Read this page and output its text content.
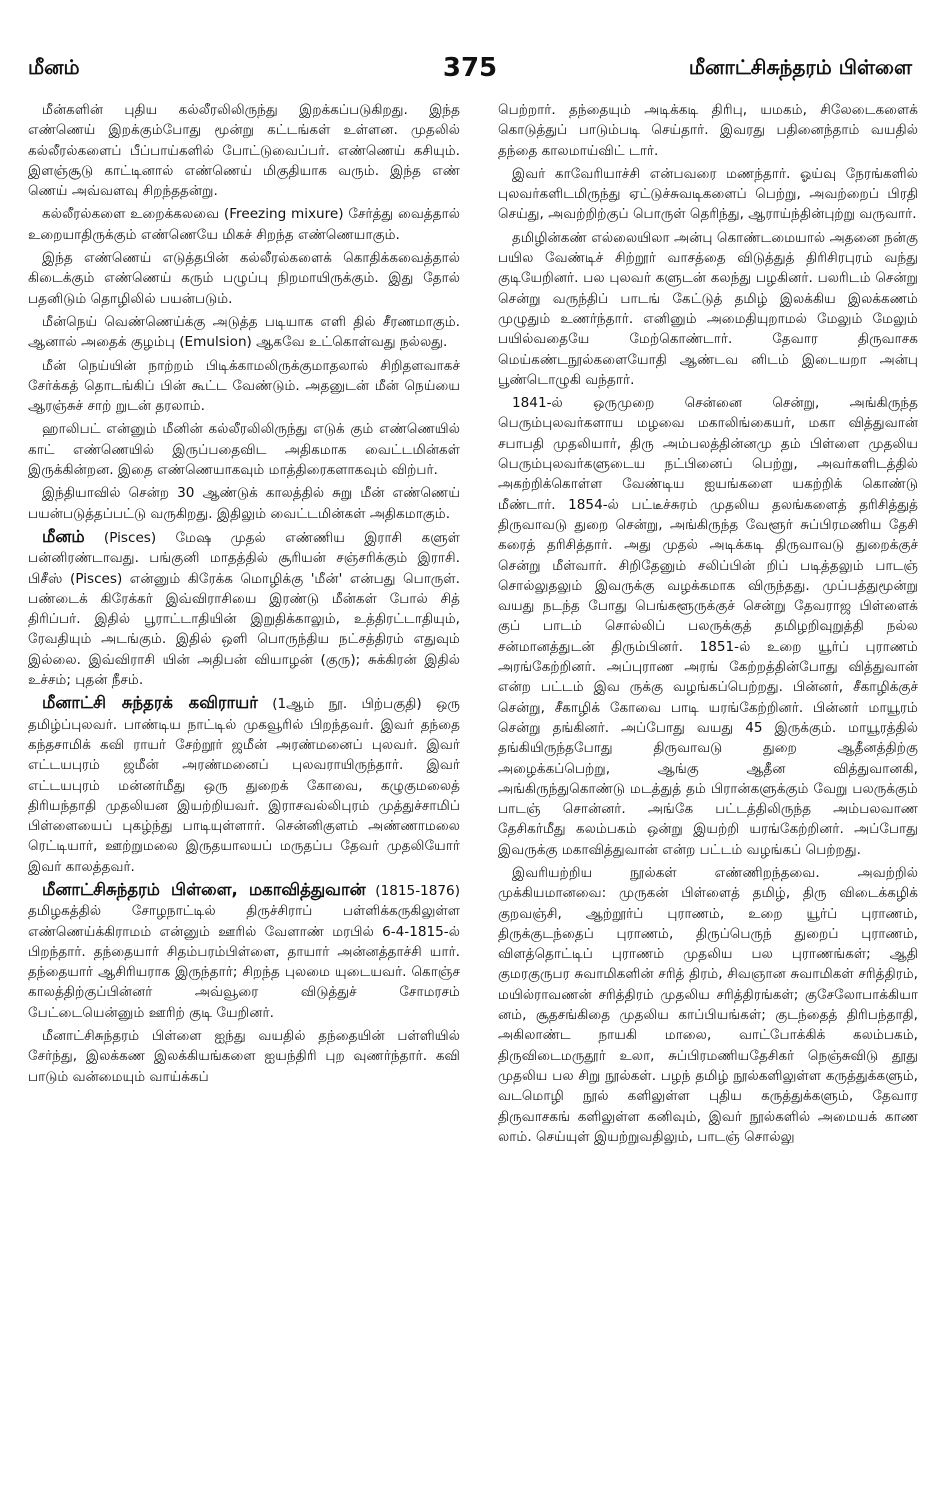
மீனம்	375	மீனாட்சிசுந்தரம் பிள்ளை

மீன்களின் புதிய கல்லீரலிலிருந்து இறக்கப்படுகிறது. இந்த எண்ணெய் இறக்கும்போது மூன்று கட்டங்கள் உள்ளன. முதலில் கல்லீரல்களைப் பீப்பாய்களில் போட்டுவைப்பர். எண்ணெய் கசியும். இளஞ்சூடு காட்டினால் எண்ணெய் மிகுதியாக வரும். இந்த எண் ணெய் அவ்வளவு சிறந்ததன்று.

கல்லீரல்களை உறைக்கலவை (Freezing mixure) சேர்த்து வைத்தால் உறையாதிருக்கும் எண்ணெயே மிகச் சிறந்த எண்ணெயாகும்.

இந்த எண்ணெய் எடுத்தபின் கல்லீரல்களைக் கொதிக்கவைத்தால் கிடைக்கும் எண்ணெய் கரும் பழுப்பு நிறமாயிருக்கும். இது தோல் பதனிடும் தொழிலில் பயன்படும்.

மீன்நெய் வெண்ணெய்க்கு அடுத்த படியாக எளி தில் சீரணமாகும். ஆனால் அதைக் குழம்பு (Emulsion) ஆகவே உட்கொள்வது நல்லது.

மீன் நெய்யின் நாற்றம் பிடிக்காமலிருக்குமாதலால் சிறிதளவாகச் சேர்க்கத் தொடங்கிப் பின் கூட்ட வேண்டும். அதனுடன் மீன் நெய்யை ஆரஞ்சுச் சாற் றுடன் தரலாம்.

ஹாலிபட் என்னும் மீனின் கல்லீரலிலிருந்து எடுக் கும் எண்ணெயில் காட் எண்ணெயில் இருப்பதைவிட அதிகமாக வைட்டமின்கள் இருக்கின்றன. இதை எண்ணெயாகவும் மாத்திரைகளாகவும் விற்பர்.

இந்தியாவில் சென்ற 30 ஆண்டுக் காலத்தில் சுறு மீன் எண்ணெய் பயன்படுத்தப்பட்டு வருகிறது. இதிலும் வைட்டமின்கள் அதிகமாகும்.

மீனம் (Pisces) மேஷ முதல் எண்ணிய இராசி களுள் பன்னிரண்டாவது. பங்குனி மாதத்தில் சூரியன் சஞ்சரிக்கும் இராசி. பிசீஸ் (Pisces) என்னும் கிரேக்க மொழிக்கு 'மீன்' என்பது பொருள். பண்டைக் கிரேக்கர் இவ்விராசியை இரண்டு மீன்கள் போல் சித் திரிப்பர். இதில் பூராட்டாதியின் இறுதிக்காலும், உத்திரட்டாதியும், ரேவதியும் அடங்கும். இதில் ஒளி பொருந்திய நட்சத்திரம் எதுவும் இல்லை. இவ்விராசி யின் அதிபன் வியாழன் (குரு); சுக்கிரன் இதில் உச்சம்; புதன் நீசம்.

மீனாட்சி சுந்தரக் கவிராயர் (1ஆம் நூ. பிற்பகுதி) ஒரு தமிழ்ப்புலவர். பாண்டிய நாட்டில் முகவூரில் பிறந்தவர். இவர் தந்தை கந்தசாமிக் கவி ராயர் சேற்றூர் ஜமீன் அரண்மனைப் புலவர். இவர் எட்டயபுரம் ஜமீன் அரண்மனைப் புலவராயிருந்தார். இவர் எட்டயபுரம் மன்னர்மீது ஒரு துறைக் கோவை, கழுகுமலைத் திரியந்தாதி முதலியன இயற்றியவர். இராசவல்லிபுரம் முத்துச்சாமிப் பிள்ளையைப் புகழ்ந்து பாடியுள்ளார். சென்னிகுளம் அண்ணாமலை ரெட்டியார், ஊற்றுமலை இருதயாலயப் மருதப்ப தேவர் முதலியோர் இவர் காலத்தவர்.

மீனாட்சிசுந்தரம் பிள்ளை, மகாவித்துவான் (1815-1876) தமிழகத்தில் சோழநாட்டில் திருச்சிராப் பள்ளிக்கருகிலுள்ள எண்ணெய்க்கிராமம் என்னும் ஊரில் வேளாண் மரபில் 6-4-1815-ல் பிறந்தார். தந்தையார் சிதம்பரம்பிள்ளை, தாயார் அன்னத்தாச்சி யார். தந்தையார் ஆசிரியராக இருந்தார்; சிறந்த புலமை யுடையவர். கொஞ்ச காலத்திற்குப்பின்னர் அவ்வூரை விடுத்துச் சோமரசம் பேட்டையென்னும் ஊரிற் குடி யேறினர்.

மீனாட்சிசுந்தரம் பிள்ளை ஐந்து வயதில் தந்தையின் பள்ளியில் சேர்ந்து, இலக்கண இலக்கியங்களை ஐயந்திரி புற வுணர்ந்தார். கவி பாடும் வன்மையும் வாய்க்கப்

பெற்றார். தந்தையும் அடிக்கடி திரிபு, யமகம், சிலேடைகளைக் கொடுத்துப் பாடும்படி செய்தார். இவரது பதினைந்தாம் வயதில் தந்தை காலமாய்விட் டார்.

இவர் காவேரியாச்சி என்பவரை மணந்தார். ஓய்வு நேரங்களில் புலவர்களிடமிருந்து ஏட்டுச்சுவடிகளைப் பெற்று, அவற்றைப் பிரதி செய்து, அவற்றிற்குப் பொருள் தெரிந்து, ஆராய்ந்தின்புற்று வருவார்.

தமிழின்கண் எல்லையிலா அன்பு கொண்டமையால் அதனை நன்கு பயில வேண்டிச் சிற்றூர் வாசத்தை விடுத்துத் திரிசிரபுரம் வந்து குடியேறினர். பல புலவர் களுடன் கலந்து பழகினர். பலரிடம் சென்று சென்று வருந்திப் பாடங் கேட்டுத் தமிழ் இலக்கிய இலக்கணம் முழுதும் உணர்ந்தார். எனினும் அமைதியுறாமல் மேலும் மேலும் பயில்வதையே மேற்கொண்டார். தேவார திருவாசக மெய்கண்டநூல்களையோதி ஆண்டவ னிடம் இடையறா அன்பு பூண்டொழுகி வந்தார்.

1841-ல் ஒருமுறை சென்னை சென்று, அங்கிருந்த பெரும்புலவர்களாய மழவை மகாலிங்கையர், மகா வித்துவான் சபாபதி முதலியார், திரு அம்பலத்தின்னமு தம் பிள்ளை முதலிய பெரும்புலவர்களுடைய நட்பினைப் பெற்று, அவர்களிடத்தில் அகற்றிக்கொள்ள வேண்டிய ஐயங்களை யகற்றிக் கொண்டு மீண்டார். 1854-ல் பட்டீச்சுரம் முதலிய தலங்களைத் தரிசித்துத் திருவாவடு துறை சென்று, அங்கிருந்த வேளூர் சுப்பிரமணிய தேசி கரைத் தரிசித்தார். அது முதல் அடிக்கடி திருவாவடு துறைக்குச் சென்று மீள்வார். சிறிதேனும் சலிப்பின் றிப் படித்தலும் பாடஞ் சொல்லுதலும் இவருக்கு வழக்கமாக விருந்தது. முப்பத்துமூன்று வயது நடந்த போது பெங்களூருக்குச் சென்று தேவராஜ பிள்ளைக் குப் பாடம் சொல்லிப் பலருக்குத் தமிழறிவுறுத்தி நல்ல சன்மானத்துடன் திரும்பினர். 1851-ல் உறை யூர்ப் புராணம் அரங்கேற்றினர். அப்புராண அரங் கேற்றத்தின்போது வித்துவான் என்ற பட்டம் இவ ருக்கு வழங்கப்பெற்றது. பின்னர், சீகாழிக்குச் சென்று, சீகாழிக் கோவை பாடி யரங்கேற்றினர். பின்னர் மாயூரம் சென்று தங்கினர். அப்போது வயது 45 இருக்கும். மாயூரத்தில் தங்கியிருந்தபோது திருவாவடு துறை ஆதீனத்திற்கு அழைக்கப்பெற்று, ஆங்கு ஆதீன வித்துவானகி, அங்கிருந்துகொண்டு மடத்துத் தம் பிரான்களுக்கும் வேறு பலருக்கும் பாடஞ் சொன்னர். அங்கே பட்டத்திலிருந்த அம்பலவாண தேசிகர்மீது கலம்பகம் ஒன்று இயற்றி யரங்கேற்றினர். அப்போது இவருக்கு மகாவித்துவான் என்ற பட்டம் வழங்கப் பெற்றது.

இவரியற்றிய நூல்கள் எண்ணிறந்தவை. அவற்றில் முக்கியமானவை: முருகன் பிள்ளைத் தமிழ், திரு விடைக்கழிக் குறவஞ்சி, ஆற்றூர்ப் புராணம், உறை யூர்ப் புராணம், திருக்குடந்தைப் புராணம், திருப்பெருந் துறைப் புராணம், விளத்தொட்டிப் புராணம் முதலிய பல புராணங்கள்; ஆதி குமரகுருபர சுவாமிகளின் சரித் திரம், சிவஞான சுவாமிகள் சரித்திரம், மயில்ராவணன் சரித்திரம் முதலிய சரித்திரங்கள்; குசேலோபாக்கியா னம், சூதசங்கிதை முதலிய காப்பியங்கள்; குடந்தைத் திரிபந்தாதி, அகிலாண்ட நாயகி மாலை, வாட்போக்கிக் கலம்பகம், திருவிடைமருதூர் உலா, சுப்பிரமணியதேசிகர் நெஞ்சுவிடு தூது முதலிய பல சிறு நூல்கள். பழந் தமிழ் நூல்களிலுள்ள கருத்துக்களும், வடமொழி நூல் களிலுள்ள புதிய கருத்துக்களும், தேவார திருவாசகங் களிலுள்ள கனிவும், இவர் நூல்களில் அமையக் காண லாம். செய்யுள் இயற்றுவதிலும், பாடஞ் சொல்லு
